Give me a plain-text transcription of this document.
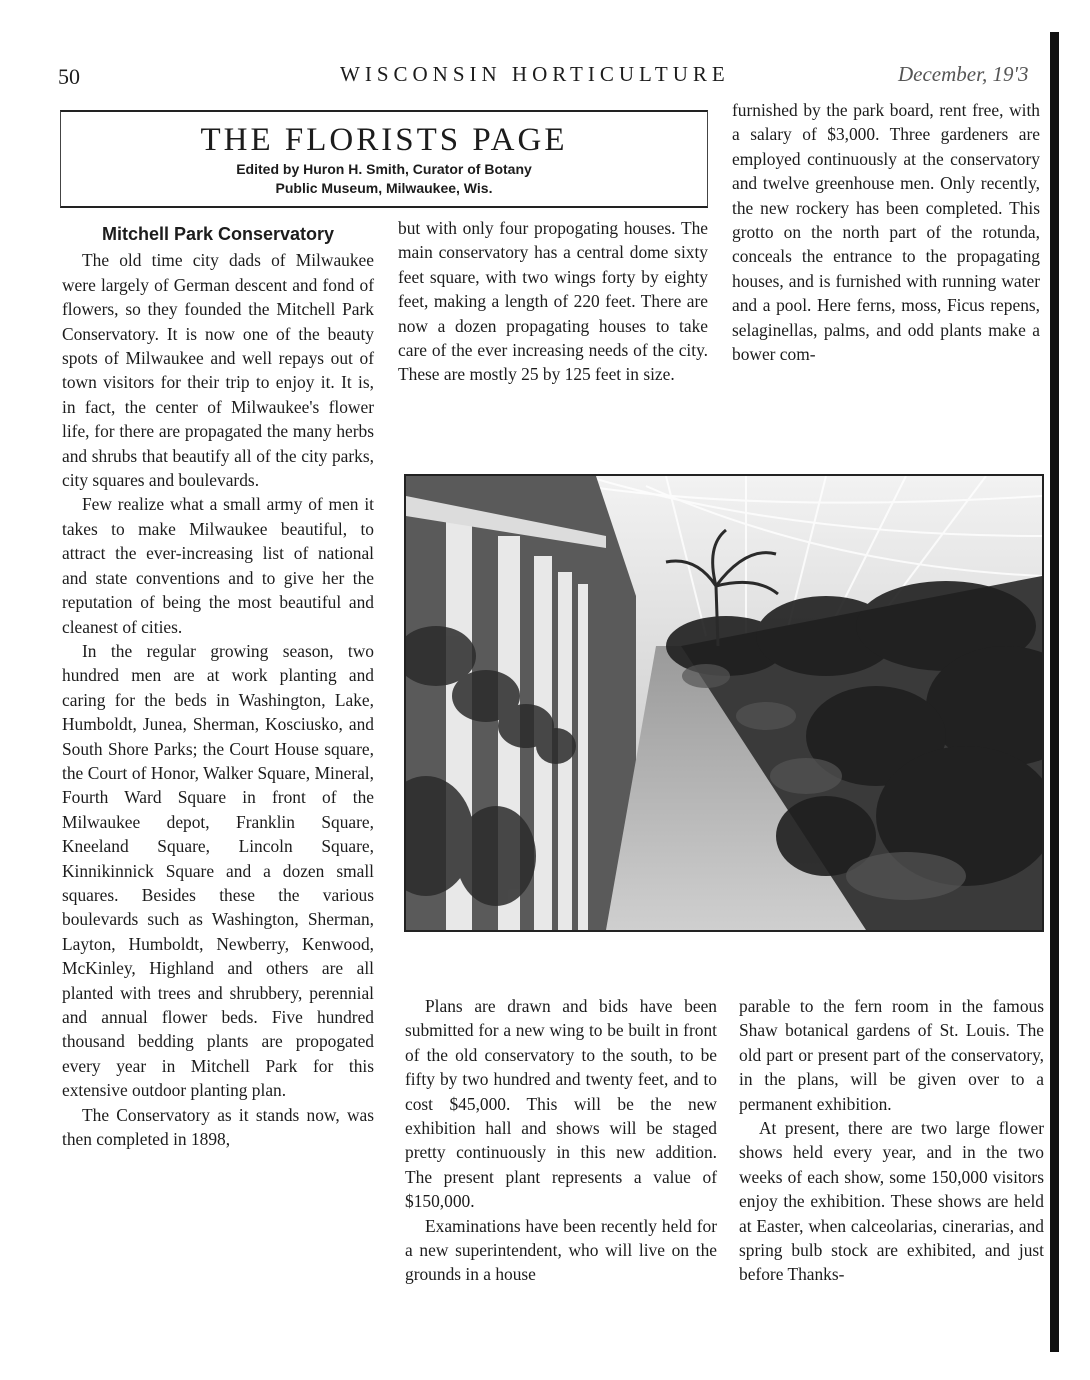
50	WISCONSIN HORTICULTURE	December, 19'3
THE FLORISTS PAGE
Edited by Huron H. Smith, Curator of Botany
Public Museum, Milwaukee, Wis.
Mitchell Park Conservatory

The old time city dads of Milwaukee were largely of German descent and fond of flowers, so they founded the Mitchell Park Conservatory. It is now one of the beauty spots of Milwaukee and well repays out of town visitors for their trip to enjoy it. It is, in fact, the center of Milwaukee's flower life, for there are propagated the many herbs and shrubs that beautify all of the city parks, city squares and boulevards.

Few realize what a small army of men it takes to make Milwaukee beautiful, to attract the ever-increasing list of national and state conventions and to give her the reputation of being the most beautiful and cleanest of cities.

In the regular growing season, two hundred men are at work planting and caring for the beds in Washington, Lake, Humboldt, Junea, Sherman, Kosciusko, and South Shore Parks; the Court House square, the Court of Honor, Walker Square, Mineral, Fourth Ward Square in front of the Milwaukee depot, Franklin Square, Kneeland Square, Lincoln Square, Kinnikinnick Square and a dozen small squares. Besides these the various boulevards such as Washington, Sherman, Layton, Humboldt, Newberry, Kenwood, McKinley, Highland and others are all planted with trees and shrubbery, perennial and annual flower beds. Five hundred thousand bedding plants are propogated every year in Mitchell Park for this extensive outdoor planting plan.

The Conservatory as it stands now, was then completed in 1898,

but with only four propogating houses. The main conservatory has a central dome sixty feet square, with two wings forty by eighty feet, making a length of 220 feet. There are now a dozen propagating houses to take care of the ever increasing needs of the city. These are mostly 25 by 125 feet in size.

furnished by the park board, rent free, with a salary of $3,000. Three gardeners are employed continuously at the conservatory and twelve greenhouse men. Only recently, the new rockery has been completed. This grotto on the north part of the rotunda, conceals the entrance to the propagating houses, and is furnished with running water and a pool. Here ferns, moss, Ficus repens, selaginellas, palms, and odd plants make a bower com-

Plans are drawn and bids have been submitted for a new wing to be built in front of the old conservatory to the south, to be fifty by two hundred and twenty feet, and to cost $45,000. This will be the new exhibition hall and shows will be staged pretty continuously in this new addition. The present plant represents a value of $150,000.

Examinations have been recently held for a new superintendent, who will live on the grounds in a house

parable to the fern room in the famous Shaw botanical gardens of St. Louis. The old part or present part of the conservatory, in the plans, will be given over to a permanent exhibition.

At present, there are two large flower shows held every year, and in the two weeks of each show, some 150,000 visitors enjoy the exhibition. These shows are held at Easter, when calceolarias, cinerarias, and spring bulb stock are exhibited, and just before Thanks-
